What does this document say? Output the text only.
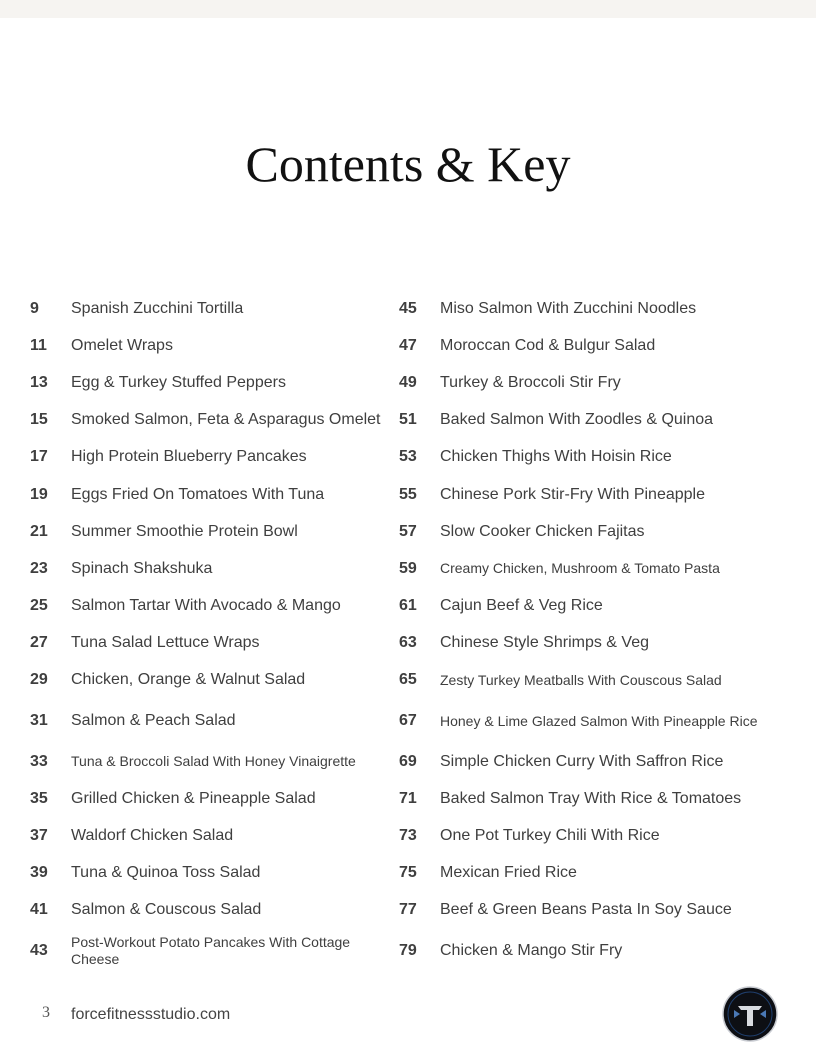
Contents & Key
9	Spanish Zucchini Tortilla
11	Omelet Wraps
13	Egg & Turkey Stuffed Peppers
15	Smoked Salmon, Feta & Asparagus Omelet
17	High Protein Blueberry Pancakes
19	Eggs Fried On Tomatoes With Tuna
21	Summer Smoothie Protein Bowl
23	Spinach Shakshuka
25	Salmon Tartar With Avocado & Mango
27	Tuna Salad Lettuce Wraps
29	Chicken, Orange & Walnut Salad
31	Salmon & Peach Salad
33	Tuna & Broccoli Salad With Honey Vinaigrette
35	Grilled Chicken & Pineapple Salad
37	Waldorf Chicken Salad
39	Tuna & Quinoa Toss Salad
41	Salmon & Couscous Salad
43	Post-Workout Potato Pancakes With Cottage Cheese
45	Miso Salmon With Zucchini Noodles
47	Moroccan Cod & Bulgur Salad
49	Turkey & Broccoli Stir Fry
51	Baked Salmon With Zoodles & Quinoa
53	Chicken Thighs With Hoisin Rice
55	Chinese Pork Stir-Fry With Pineapple
57	Slow Cooker Chicken Fajitas
59	Creamy Chicken, Mushroom & Tomato Pasta
61	Cajun Beef & Veg Rice
63	Chinese Style Shrimps & Veg
65	Zesty Turkey Meatballs With Couscous Salad
67	Honey & Lime Glazed Salmon With Pineapple Rice
69	Simple Chicken Curry With Saffron Rice
71	Baked Salmon Tray With Rice & Tomatoes
73	One Pot Turkey Chili With Rice
75	Mexican Fried Rice
77	Beef & Green Beans Pasta In Soy Sauce
79	Chicken & Mango Stir Fry
3 forcefitnessstudio.com
